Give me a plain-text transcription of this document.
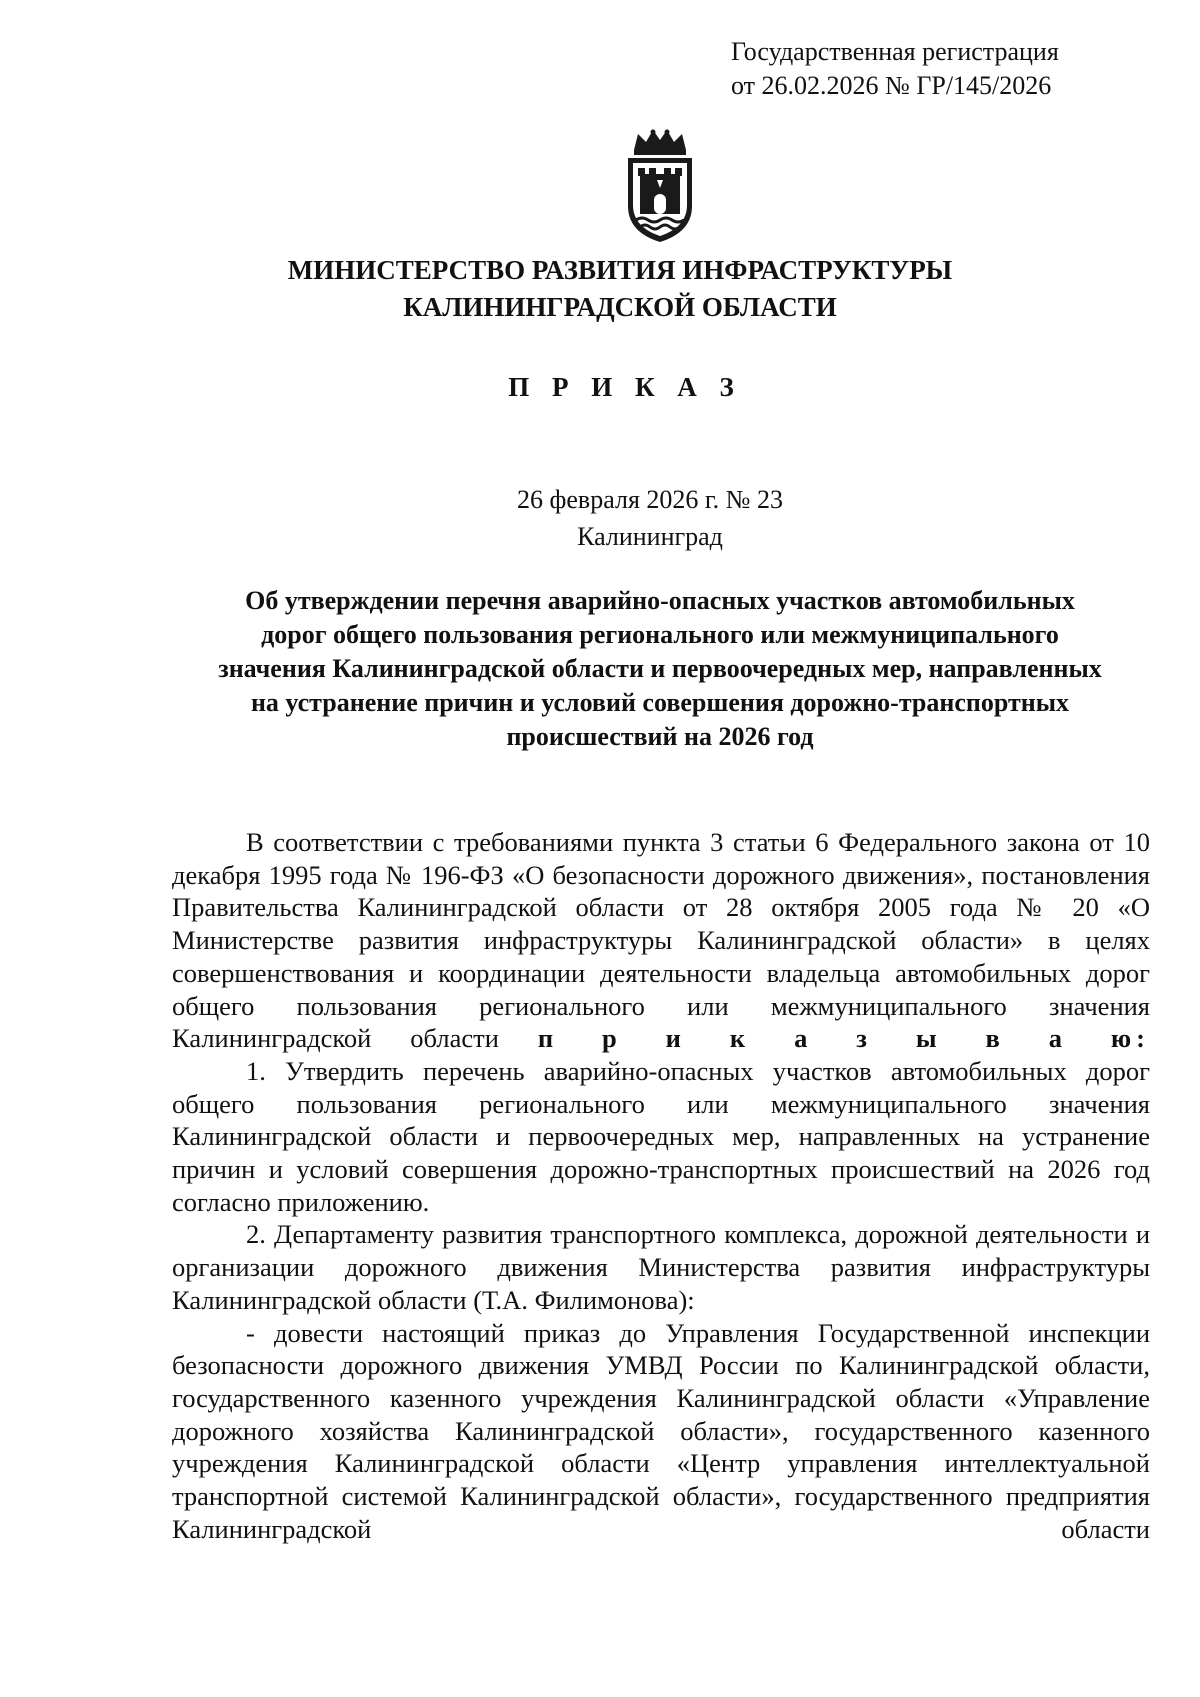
Государственная регистрация
от 26.02.2026 № ГР/145/2026
МИНИСТЕРСТВО РАЗВИТИЯ ИНФРАСТРУКТУРЫ
КАЛИНИНГРАДСКОЙ ОБЛАСТИ
П Р И К А З
26 февраля 2026 г. № 23
Калининград
Об утверждении перечня аварийно-опасных участков автомобильных
дорог общего пользования регионального или межмуниципального
значения Калининградской области и первоочередных мер, направленных
на устранение причин и условий совершения дорожно-транспортных
происшествий на 2026 год

В соответствии с требованиями пункта 3 статьи 6 Федерального закона от 10 декабря 1995 года № 196-ФЗ «О безопасности дорожного движения», постановления Правительства Калининградской области от 28 октября 2005 года № 20 «О Министерстве развития инфраструктуры Калининградской области» в целях совершенствования и координации деятельности владельца автомобильных дорог общего пользования регионального или межмуниципального значения Калининградской области п р и к а з ы в а ю:

1. Утвердить перечень аварийно-опасных участков автомобильных дорог общего пользования регионального или межмуниципального значения Калининградской области и первоочередных мер, направленных на устранение причин и условий совершения дорожно-транспортных происшествий на 2026 год согласно приложению.

2. Департаменту развития транспортного комплекса, дорожной деятельности и организации дорожного движения Министерства развития инфраструктуры Калининградской области (Т.А. Филимонова):

- довести настоящий приказ до Управления Государственной инспекции безопасности дорожного движения УМВД России по Калининградской области, государственного казенного учреждения Калининградской области «Управление дорожного хозяйства Калининградской области», государственного казенного учреждения Калининградской области «Центр управления интеллектуальной транспортной системой Калининградской области», государственного предприятия Калининградской области
